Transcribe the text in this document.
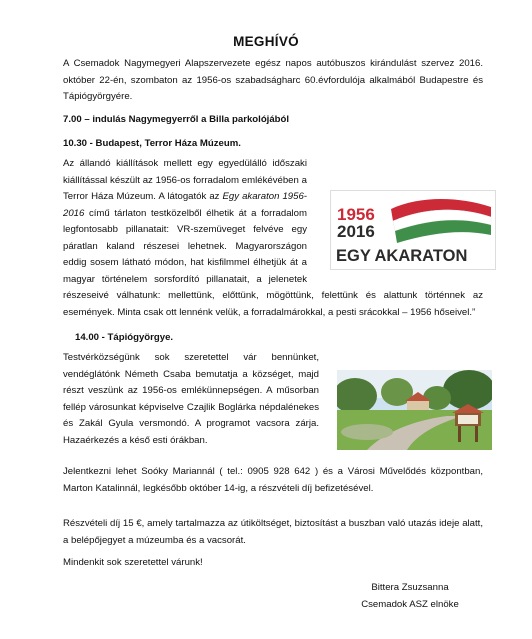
MEGHÍVÓ

A Csemadok Nagymegyeri Alapszervezete egész napos autóbuszos kirándulást szervez 2016. október 22-én, szombaton az 1956-os szabadságharc 60.évfordulója alkalmából Budapestre és Tápiógyörgyére.

7.00 – indulás Nagymegyerről a Billa parkolójából
10.30 - Budapest, Terror Háza Múzeum.
Az állandó kiállítások mellett egy egyedülálló időszaki kiállítással készült az 1956-os forradalom emlékévében a Terror Háza Múzeum. A látogatók az Egy akaraton 1956-2016 című tárlaton testközelből élhetik át a forradalom legfontosabb pillanatait: VR-szemüveget felvéve egy páratlan kaland részesei lehetnek. Magyarországon eddig sosem látható módon, hat kisfilmmel élhetjük át a magyar történelem sorsfordító pillanatait, a jelenetek részeseivé válhatunk: mellettünk, előttünk, mögöttünk, felettünk és alattunk történnek az események. Minta csak ott lennénk velük, a forradalmárokkal, a pesti srácokkal – 1956 hőseivel.”
1956
2016
EGY AKARATON
14.00 - Tápiógyörgye.
Testvérközségünk sok szeretettel vár bennünket, vendéglátónk Németh Csaba bemutatja a községet, majd részt veszünk az 1956-os emlékünnepségen. A műsorban fellép városunkat képviselve Czajlik Boglárka népdalénekes és Zakál Gyula versmondó. A programot vacsora zárja. Hazaérkezés a késő esti órákban.

Jelentkezni lehet Soóky Mariannál ( tel.: 0905 928 642 ) és a Városi Művelődés központban, Marton Katalinnál, legkésőbb október 14-ig, a részvételi díj befizetésével.

Részvételi díj 15 €, amely tartalmazza az útiköltséget, biztosítást a buszban való utazás ideje alatt, a belépőjegyet a múzeumba és a vacsorát.

Mindenkit sok szeretettel várunk!
Bittera Zsuzsanna
Csemadok ASZ elnöke
